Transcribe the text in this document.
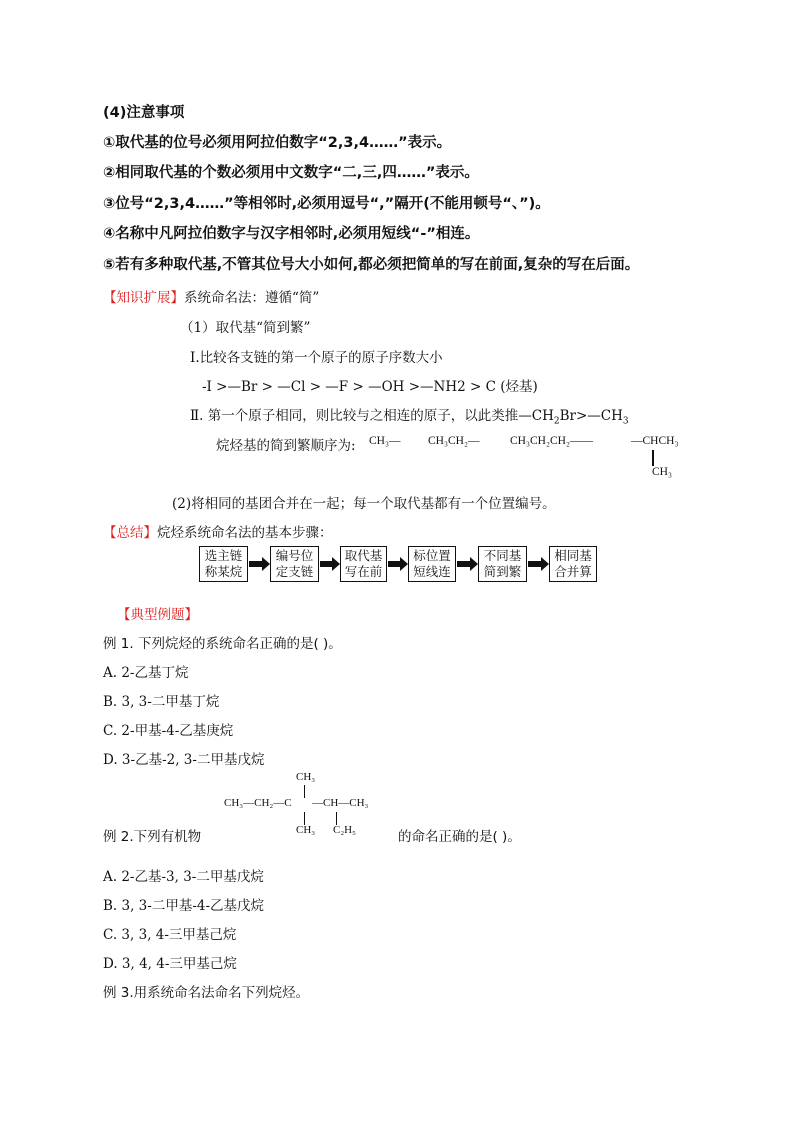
(4)注意事项
①取代基的位号必须用阿拉伯数字“2,3,4……”表示。
②相同取代基的个数必须用中文数字“二,三,四……”表示。
③位号“2,3,4……”等相邻时,必须用逗号“,”隔开(不能用顿号“、”)。
④名称中凡阿拉伯数字与汉字相邻时,必须用短线“-”相连。
⑤若有多种取代基,不管其位号大小如何,都必须把简单的写在前面,复杂的写在后面。
【知识扩展】系统命名法：遵循“简”
（1）取代基“简到繁”
Ⅰ.比较各支链的第一个原子的原子序数大小
-I >—Br > —Cl > —F > —OH >—NH2 > C (烃基)
Ⅱ. 第一个原子相同，则比较与之相连的原子，以此类推$—CH_2Br>—CH_3$
烷烃基的简到繁顺序为: CH₃— CH₃CH₂—	CH₃CH₂CH₂——	—CHCH₃
CH₃
(2)将相同的基团合并在一起；每一个取代基都有一个位置编号。
【总结】烷烃系统命名法的基本步骤：
选主链
称某烷
编号位
定支链
取代基
写在前
标位置
短线连
不同基
简到繁
相同基
合并算
【典型例题】
例 1. 下列烷烃的系统命名正确的是( )。
A. 2-乙基丁烷
B. 3, 3-二甲基丁烷
C. 2-甲基-4-乙基庚烷
D. 3-乙基-2, 3-二甲基戊烷
CH₃
CH₃—CH₂—C —CH—CH₃
CH₃ C₂H₅
例 2.下列有机物	的命名正确的是( )。
A. 2-乙基-3, 3-二甲基戊烷
B. 3, 3-二甲基-4-乙基戊烷
C. 3, 3, 4-三甲基己烷
D. 3, 4, 4-三甲基己烷
例 3.用系统命名法命名下列烷烃。
